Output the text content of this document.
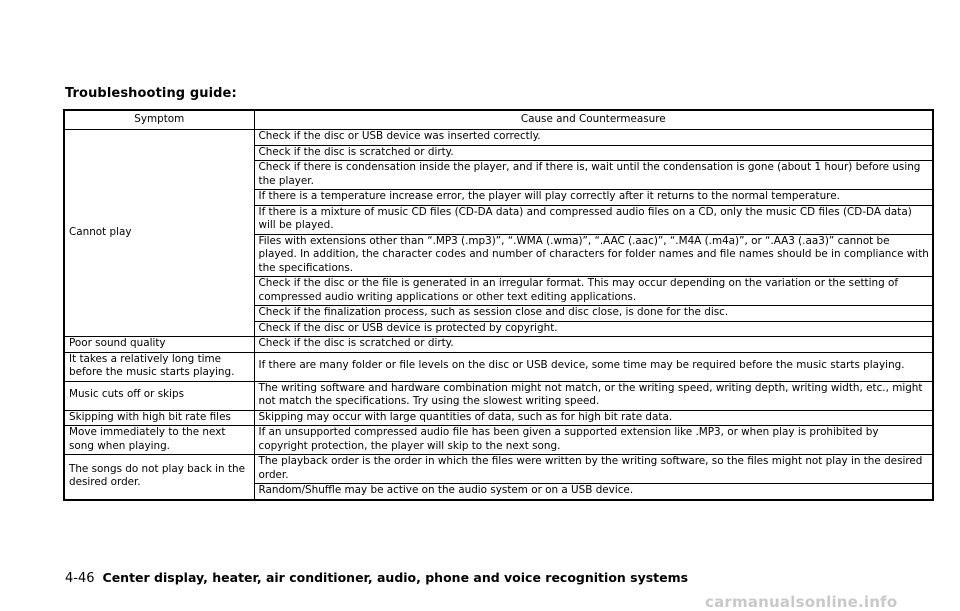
Troubleshooting guide:
Symptom	Cause and Countermeasure
Cannot play	Check if the disc or USB device was inserted correctly.
	Check if the disc is scratched or dirty.
	Check if there is condensation inside the player, and if there is, wait until the condensation is gone (about 1 hour) before using the player.
	If there is a temperature increase error, the player will play correctly after it returns to the normal temperature.
	If there is a mixture of music CD files (CD-DA data) and compressed audio files on a CD, only the music CD files (CD-DA data) will be played.
	Files with extensions other than “.MP3 (.mp3)”, “.WMA (.wma)”, “.AAC (.aac)”, “.M4A (.m4a)”, or “.AA3 (.aa3)” cannot be played. In addition, the character codes and number of characters for folder names and file names should be in compliance with the specifications.
	Check if the disc or the file is generated in an irregular format. This may occur depending on the variation or the setting of compressed audio writing applications or other text editing applications.
	Check if the finalization process, such as session close and disc close, is done for the disc.
	Check if the disc or USB device is protected by copyright.
Poor sound quality	Check if the disc is scratched or dirty.
It takes a relatively long time before the music starts playing.	If there are many folder or file levels on the disc or USB device, some time may be required before the music starts playing.
Music cuts off or skips	The writing software and hardware combination might not match, or the writing speed, writing depth, writing width, etc., might not match the specifications. Try using the slowest writing speed.
Skipping with high bit rate files	Skipping may occur with large quantities of data, such as for high bit rate data.
Move immediately to the next song when playing.	If an unsupported compressed audio file has been given a supported extension like .MP3, or when play is prohibited by copyright protection, the player will skip to the next song.
The songs do not play back in the desired order.	The playback order is the order in which the files were written by the writing software, so the files might not play in the desired order.
	Random/Shuffle may be active on the audio system or on a USB device.
4-46 Center display, heater, air conditioner, audio, phone and voice recognition systems
carmanualsonline.info
